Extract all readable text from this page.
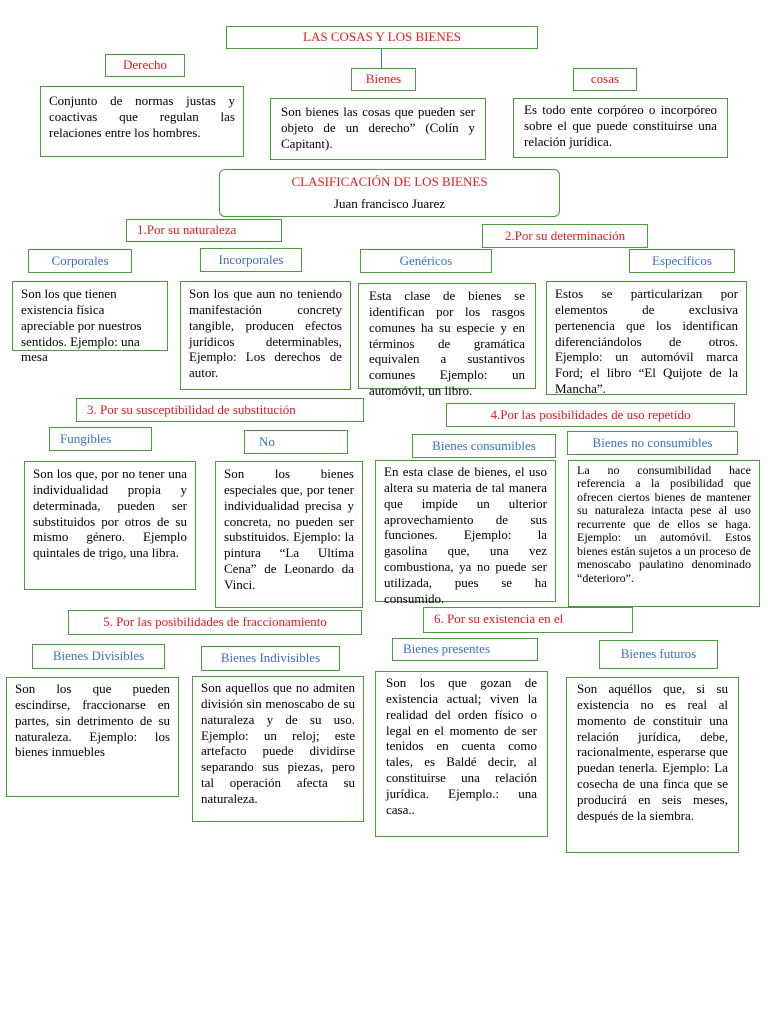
LAS COSAS Y LOS BIENES
Derecho
Bienes	cosas
Conjunto de normas justas y coactivas que regulan las relaciones entre los hombres.
Son bienes las cosas que pueden ser objeto de un derecho” (Colín y Capitant).
Es todo ente corpóreo o incorpóreo sobre el que puede constituirse una relación jurídica.
CLASIFICACIÓN DE LOS BIENES
Juan francisco Juarez
1.Por su naturaleza
Corporales	Incorporales
Son los que tienen existencia física apreciable por nuestros sentidos. Ejemplo: una mesa
Son los que aun no teniendo manifestación concrety tangible, producen efectos jurídicos determinables, Ejemplo: Los derechos de autor.
2.Por su determinación
Genéricos	Específicos
Esta clase de bienes se identifican por los rasgos comunes ha su especie y en términos de gramática equivalen a sustantivos comunes Ejemplo: un automóvil, un libro.
Estos se particularizan por elementos de exclusiva pertenencia que los identifican diferenciándolos de otros. Ejemplo: un automóvil marca Ford; el libro “El Quijote de la Mancha”.
3. Por su susceptibilidad de substitución
Fungibles	No
Son los que, por no tener una individualidad propia y determinada, pueden ser substituidos por otros de su mismo género. Ejemplo quintales de trigo, una libra.
Son los bienes especiales que, por tener individualidad precisa y concreta, no pueden ser substituidos. Ejemplo: la pintura “La Ultima Cena” de Leonardo da Vinci.
4.Por las posibilidades de uso repetido
Bienes consumibles	Bienes no consumibles
En esta clase de bienes, el uso altera su materia de tal manera que impide un ulterior aprovechamiento de sus funciones. Ejemplo: la gasolina que, una vez combustiona, ya no puede ser utilizada, pues se ha consumido.
La no consumibilidad hace referencia a la posibilidad que ofrecen ciertos bienes de mantener su naturaleza intacta pese al uso recurrente que de ellos se haga. Ejemplo: un automóvil. Estos bienes están sujetos a un proceso de menoscabo paulatino denominado “deterioro”.
5. Por las posibilidades de fraccionamiento
Bienes Divisibles	Bienes Indivisibles
Son los que pueden escindirse, fraccionarse en partes, sin detrimento de su naturaleza. Ejemplo: los bienes inmuebles
Son aquellos que no admiten división sin menoscabo de su naturaleza y de su uso. Ejemplo: un reloj; este artefacto puede dividirse separando sus piezas, pero tal operación afecta su naturaleza.
6. Por su existencia en el
Bienes presentes	Bienes futuros
Son los que gozan de existencia actual; viven la realidad del orden físico o legal en el momento de ser tenidos en cuenta como tales, es Baldé decir, al constituirse una relación jurídica. Ejemplo.: una casa..
Son aquéllos que, si su existencia no es real al momento de constituir una relación jurídica, debe, racionalmente, esperarse que puedan tenerla. Ejemplo: La cosecha de una finca que se producirá en seis meses, después de la siembra.
